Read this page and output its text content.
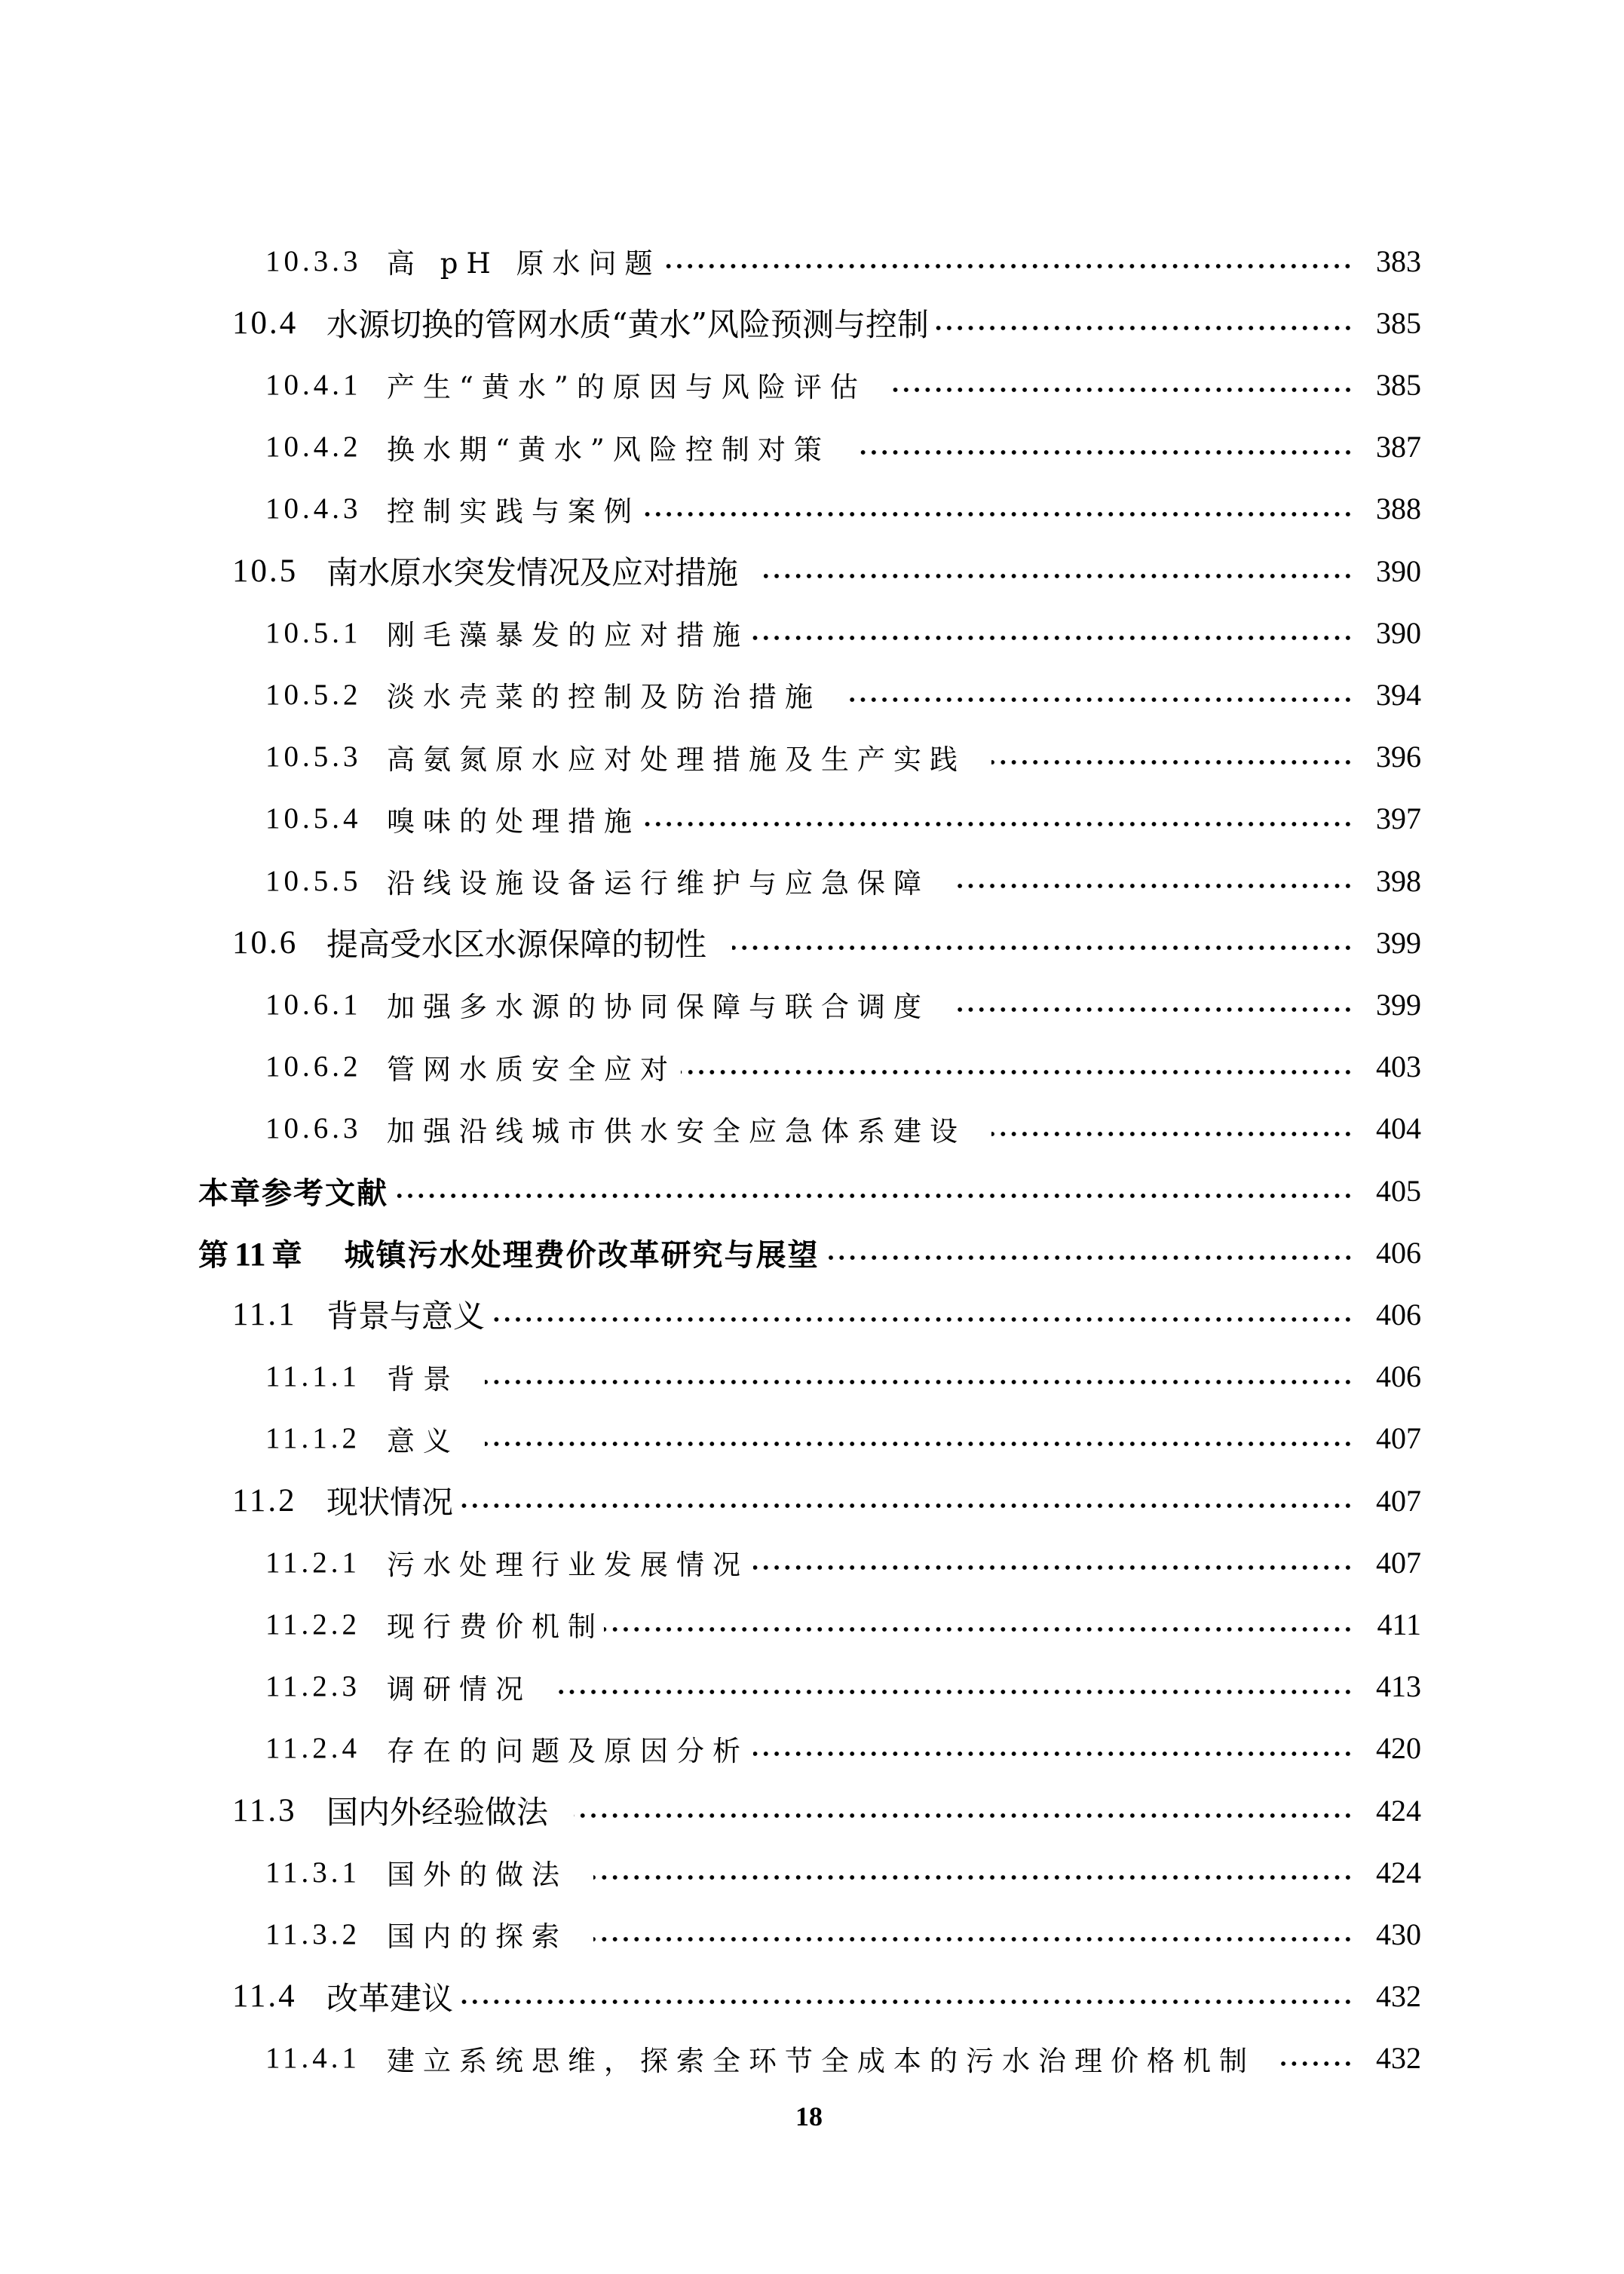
10.3.3 高 pH 原水问题	383
10.4 水源切换的管网水质“黄水”风险预测与控制	385
10.4.1 产生“黄水”的原因与风险评估	385
10.4.2 换水期“黄水”风险控制对策	387
10.4.3 控制实践与案例	388
10.5 南水原水突发情况及应对措施	390
10.5.1 刚毛藻暴发的应对措施	390
10.5.2 淡水壳菜的控制及防治措施	394
10.5.3 高氨氮原水应对处理措施及生产实践	396
10.5.4 嗅味的处理措施	397
10.5.5 沿线设施设备运行维护与应急保障	398
10.6 提高受水区水源保障的韧性	399
10.6.1 加强多水源的协同保障与联合调度	399
10.6.2 管网水质安全应对	403
10.6.3 加强沿线城市供水安全应急体系建设	404
本章参考文献	405
第 11 章	城镇污水处理费价改革研究与展望	406
11.1 背景与意义	406
11.1.1 背景	406
11.1.2 意义	407
11.2 现状情况	407
11.2.1 污水处理行业发展情况	407
11.2.2 现行费价机制	411
11.2.3 调研情况	413
11.2.4 存在的问题及原因分析	420
11.3 国内外经验做法	424
11.3.1 国外的做法	424
11.3.2 国内的探索	430
11.4 改革建议	432
11.4.1 建立系统思维，探索全环节全成本的污水治理价格机制	432
18
